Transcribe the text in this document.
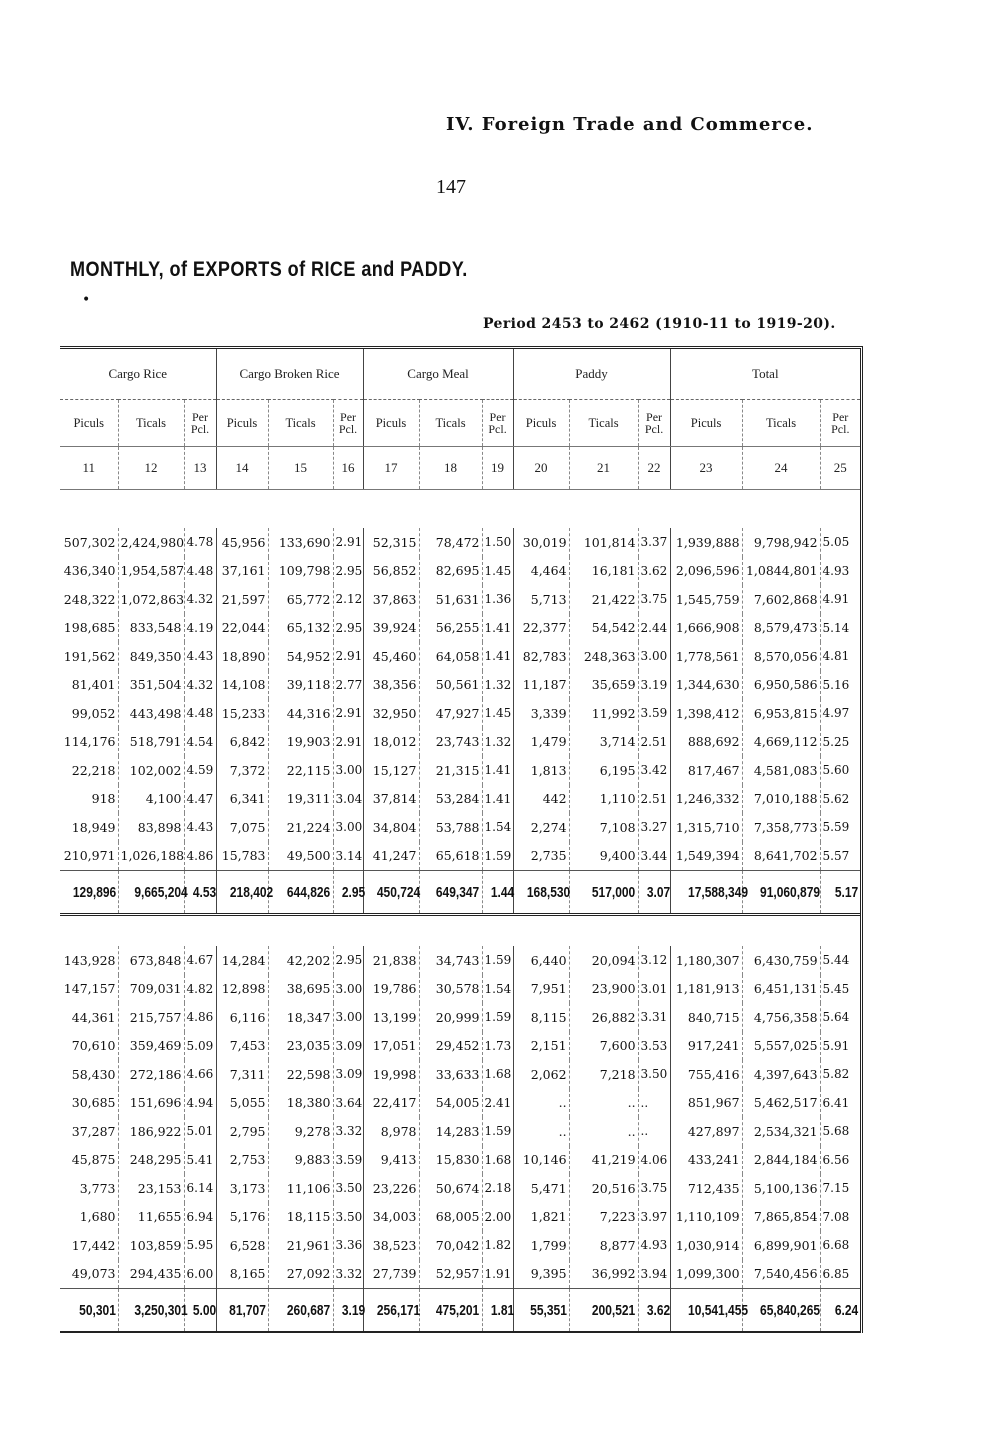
IV. Foreign Trade and Commerce.
147
MONTHLY, of EXPORTS of RICE and PADDY.
•
Period 2453 to 2462 (1910-11 to 1919-20).
Cargo Rice			Cargo Broken Rice			Cargo Meal			Paddy			Total		
Piculs	Ticals	Per Pcl.	Piculs	Ticals	Per Pcl.	Piculs	Ticals	Per Pcl.	Piculs	Ticals	Per Pcl.	Piculs	Ticals	Per Pcl.
11	12	13	14	15	16	17	18	19	20	21	22	23	24	25

507,302	2,424,980	4.78	45,956	133,690	2.91	52,315	78,472	1.50	30,019	101,814	3.37	1,939,888	9,798,942	5.05
436,340	1,954,587	4.48	37,161	109,798	2.95	56,852	82,695	1.45	4,464	16,181	3.62	2,096,596	1,0844,801	4.93
248,322	1,072,863	4.32	21,597	65,772	2.12	37,863	51,631	1.36	5,713	21,422	3.75	1,545,759	7,602,868	4.91
198,685	833,548	4.19	22,044	65,132	2.95	39,924	56,255	1.41	22,377	54,542	2.44	1,666,908	8,579,473	5.14
191,562	849,350	4.43	18,890	54,952	2.91	45,460	64,058	1.41	82,783	248,363	3.00	1,778,561	8,570,056	4.81
81,401	351,504	4.32	14,108	39,118	2.77	38,356	50,561	1.32	11,187	35,659	3.19	1,344,630	6,950,586	5.16
99,052	443,498	4.48	15,233	44,316	2.91	32,950	47,927	1.45	3,339	11,992	3.59	1,398,412	6,953,815	4.97
114,176	518,791	4.54	6,842	19,903	2.91	18,012	23,743	1.32	1,479	3,714	2.51	888,692	4,669,112	5.25
22,218	102,002	4.59	7,372	22,115	3.00	15,127	21,315	1.41	1,813	6,195	3.42	817,467	4,581,083	5.60
918	4,100	4.47	6,341	19,311	3.04	37,814	53,284	1.41	442	1,110	2.51	1,246,332	7,010,188	5.62
18,949	83,898	4.43	7,075	21,224	3.00	34,804	53,788	1.54	2,274	7,108	3.27	1,315,710	7,358,773	5.59
210,971	1,026,188	4.86	15,783	49,500	3.14	41,247	65,618	1.59	2,735	9,400	3.44	1,549,394	8,641,702	5.57
129,896	9,665,204	4.53	218,402	644,826	2.95	450,724	649,347	1.44	168,530	517,000	3.07	17,588,349	91,060,879	5.17

143,928	673,848	4.67	14,284	42,202	2.95	21,838	34,743	1.59	6,440	20,094	3.12	1,180,307	6,430,759	5.44
147,157	709,031	4.82	12,898	38,695	3.00	19,786	30,578	1.54	7,951	23,900	3.01	1,181,913	6,451,131	5.45
44,361	215,757	4.86	6,116	18,347	3.00	13,199	20,999	1.59	8,115	26,882	3.31	840,715	4,756,358	5.64
70,610	359,469	5.09	7,453	23,035	3.09	17,051	29,452	1.73	2,151	7,600	3.53	917,241	5,557,025	5.91
58,430	272,186	4.66	7,311	22,598	3.09	19,998	33,633	1.68	2,062	7,218	3.50	755,416	4,397,643	5.82
30,685	151,696	4.94	5,055	18,380	3.64	22,417	54,005	2.41	..	..	..	851,967	5,462,517	6.41
37,287	186,922	5.01	2,795	9,278	3.32	8,978	14,283	1.59	..	..	..	427,897	2,534,321	5.68
45,875	248,295	5.41	2,753	9,883	3.59	9,413	15,830	1.68	10,146	41,219	4.06	433,241	2,844,184	6.56
3,773	23,153	6.14	3,173	11,106	3.50	23,226	50,674	2.18	5,471	20,516	3.75	712,435	5,100,136	7.15
1,680	11,655	6.94	5,176	18,115	3.50	34,003	68,005	2.00	1,821	7,223	3.97	1,110,109	7,865,854	7.08
17,442	103,859	5.95	6,528	21,961	3.36	38,523	70,042	1.82	1,799	8,877	4.93	1,030,914	6,899,901	6.68
49,073	294,435	6.00	8,165	27,092	3.32	27,739	52,957	1.91	9,395	36,992	3.94	1,099,300	7,540,456	6.85
50,301	3,250,301	5.00	81,707	260,687	3.19	256,171	475,201	1.81	55,351	200,521	3.62	10,541,455	65,840,265	6.24
